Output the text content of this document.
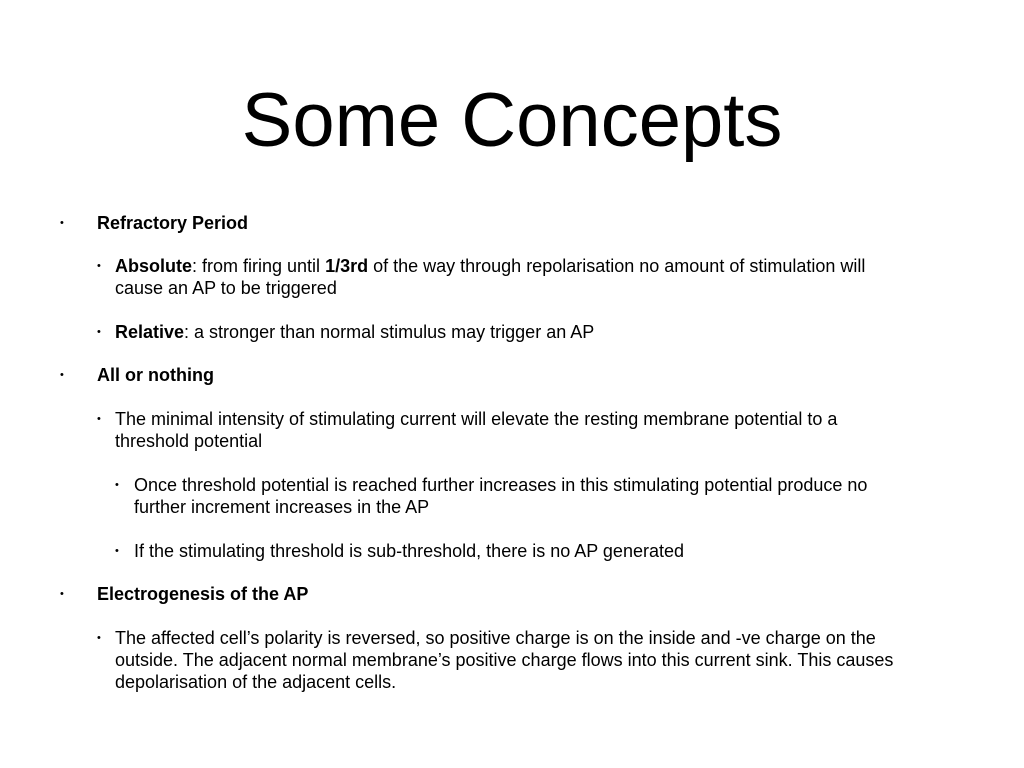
Some Concepts
• Refractory Period
• Absolute: from firing until 1/3rd of the way through repolarisation no amount of stimulation will cause an AP to be triggered
• Relative: a stronger than normal stimulus may trigger an AP
• All or nothing
• The minimal intensity of stimulating current will elevate the resting membrane potential to a threshold potential
• Once threshold potential is reached further increases in this stimulating potential produce no further increment increases in the AP
• If the stimulating threshold is sub-threshold, there is no AP generated
• Electrogenesis of the AP
• The affected cell’s polarity is reversed, so positive charge is on the inside and -ve charge on the outside. The adjacent normal membrane’s positive charge flows into this current sink. This causes depolarisation of the adjacent cells.
